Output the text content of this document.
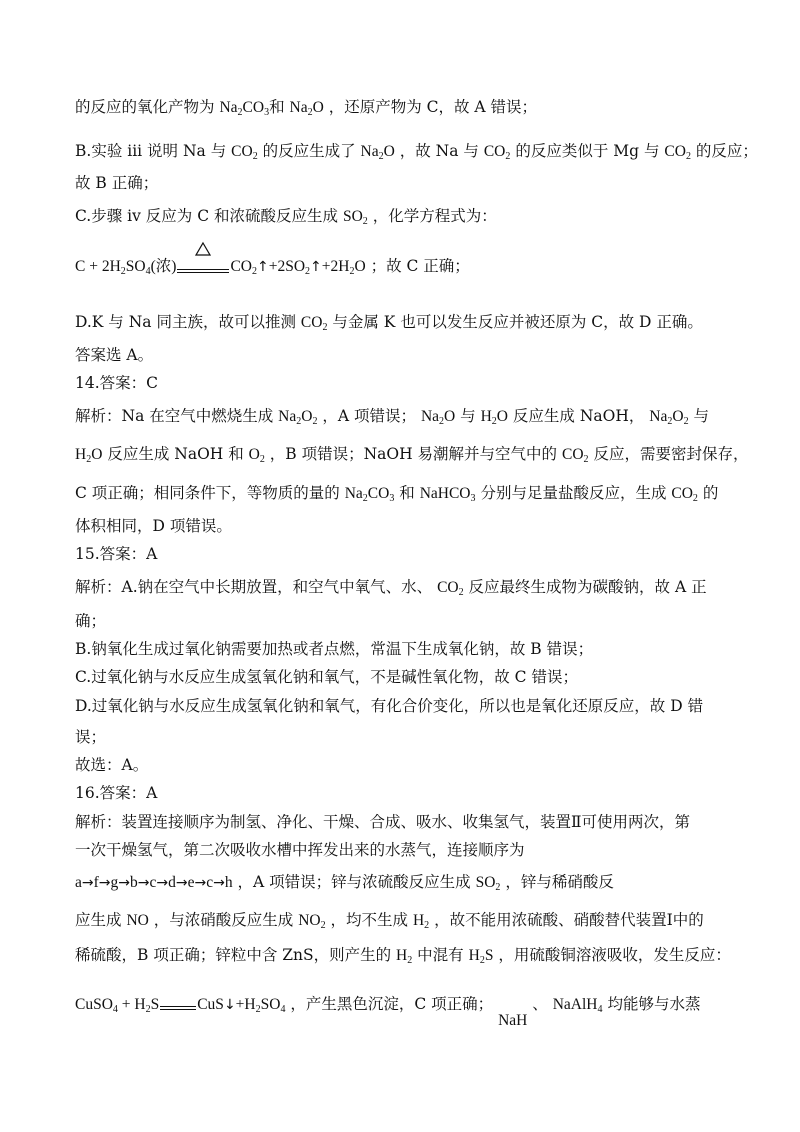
的反应的氧化产物为 $Na_2CO_3$和 $Na_2O$ ，还原产物为 C，故 A 错误；
B.实验 iii 说明 Na 与 $CO_2$ 的反应生成了 $Na_2O$ ，故 Na 与 $CO_2$ 的反应类似于 Mg 与 $CO_2$ 的反应；
故 B 正确；
C.步骤 iv 反应为 C 和浓硫酸反应生成 $SO_2$ ，化学方程式为：
$C + 2H_2SO_4$(浓)	$CO_2↑+2SO_2↑+2H_2O$ ；故 C 正确；
D.K 与 Na 同主族，故可以推测 $CO_2$ 与金属 K 也可以发生反应并被还原为 C，故 D 正确。
答案选 A。
14.答案：C
解析：Na 在空气中燃烧生成 $Na_2O_2$ ，A 项错误； $Na_2O$ 与 $H_2O$ 反应生成 NaOH， $Na_2O_2$ 与
$H_2O$ 反应生成 NaOH 和 $O_2$ ，B 项错误；NaOH 易潮解并与空气中的 $CO_2$ 反应，需要密封保存，
C 项正确；相同条件下，等物质的量的 $Na_2CO_3$ 和 NaHCO$_3$ 分别与足量盐酸反应，生成 $CO_2$ 的
体积相同，D 项错误。
15.答案：A
解析：A.钠在空气中长期放置，和空气中氧气、水、 $CO_2$ 反应最终生成物为碳酸钠，故 A 正
确；
B.钠氧化生成过氧化钠需要加热或者点燃，常温下生成氧化钠，故 B 错误；
C.过氧化钠与水反应生成氢氧化钠和氧气，不是碱性氧化物，故 C 错误；
D.过氧化钠与水反应生成氢氧化钠和氧气，有化合价变化，所以也是氧化还原反应，故 D 错
误；
故选：A。
16.答案：A
解析：装置连接顺序为制氢、净化、干燥、合成、吸水、收集氢气，装置Ⅱ可使用两次，第
一次干燥氢气，第二次吸收水槽中挥发出来的水蒸气，连接顺序为
a→f→g→b→c→d→e→c→h ，A 项错误；锌与浓硫酸反应生成 $SO_2$ ，锌与稀硝酸反
应生成 NO ，与浓硝酸反应生成 $NO_2$ ，均不生成 $H_2$ ，故不能用浓硫酸、硝酸替代装置Ⅰ中的
稀硫酸，B 项正确；锌粒中含 ZnS，则产生的 $H_2$ 中混有 $H_2S$ ，用硫酸铜溶液吸收，发生反应：
CuSO$_4$ + $H_2S$ $CuS↓+H_2SO_4$ ，产生黑色沉淀，C 项正确； NaH 、 NaAlH$_4$ 均能够与水蒸
